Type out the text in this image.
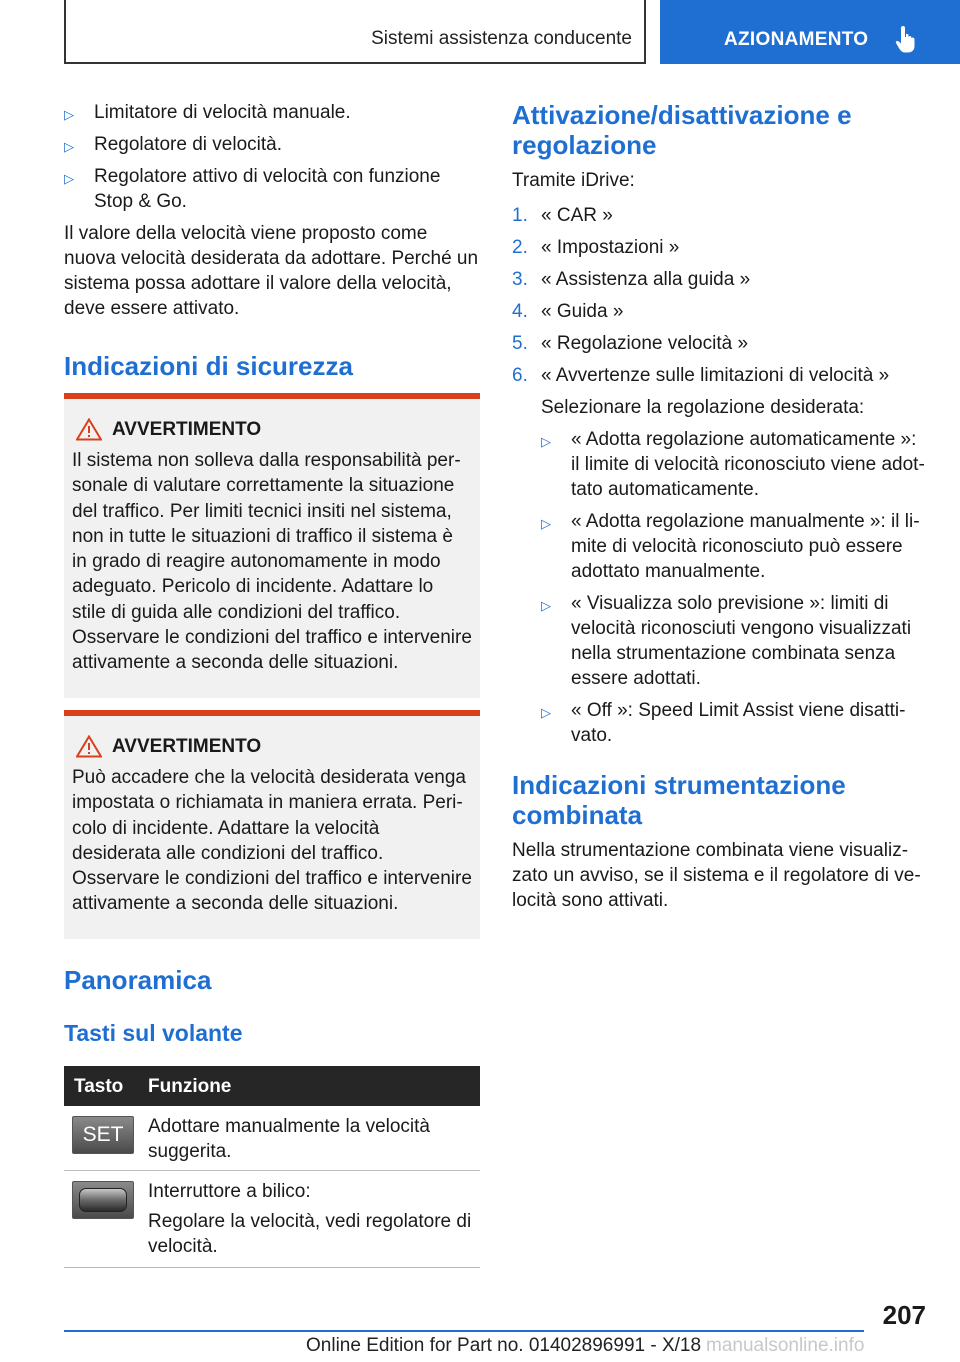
Sistemi assistenza conducente	AZIONAMENTO
▷ Limitatore di velocità manuale.
▷ Regolatore di velocità.
▷ Regolatore attivo di velocità con funzione Stop & Go.

Il valore della velocità viene proposto come nuova velocità desiderata da adottare. Perché un sistema possa adottare il valore della velocità, deve essere attivato.

Indicazioni di sicurezza
AVVERTIMENTO
Il sistema non solleva dalla responsabilità personale di valutare correttamente la situazione del traffico. Per limiti tecnici insiti nel sistema, non in tutte le situazioni di traffico il sistema è in grado di reagire autonomamente in modo adeguato. Pericolo di incidente. Adattare lo stile di guida alle condizioni del traffico. Osservare le condizioni del traffico e intervenire attivamente a seconda delle situazioni.
AVVERTIMENTO
Può accadere che la velocità desiderata venga impostata o richiamata in maniera errata. Pericolo di incidente. Adattare la velocità desiderata alle condizioni del traffico. Osservare le condizioni del traffico e intervenire attivamente a seconda delle situazioni.
Panoramica
Tasti sul volante
Tasto Funzione
SET	Adottare manualmente la velocità suggerita.
Interruttore a bilico:
Regolare la velocità, vedi regolatore di velocità.
Attivazione/disattivazione e regolazione

Tramite iDrive:

1. « CAR »
2. « Impostazioni »
3. « Assistenza alla guida »
4. « Guida »
5. « Regolazione velocità »
6. « Avvertenze sulle limitazioni di velocità »

Selezionare la regolazione desiderata:

▷ « Adotta regolazione automaticamente »: il limite di velocità riconosciuto viene adottato automaticamente.
▷ « Adotta regolazione manualmente »: il limite di velocità riconosciuto può essere adottato manualmente.
▷ « Visualizza solo previsione »: limiti di velocità riconosciuti vengono visualizzati nella strumentazione combinata senza essere adottati.
▷ « Off »: Speed Limit Assist viene disattivato.
Indicazioni strumentazione combinata

Nella strumentazione combinata viene visualizzato un avviso, se il sistema e il regolatore di velocità sono attivati.

207
Online Edition for Part no. 01402896991 - X/18 manualsonline.info
